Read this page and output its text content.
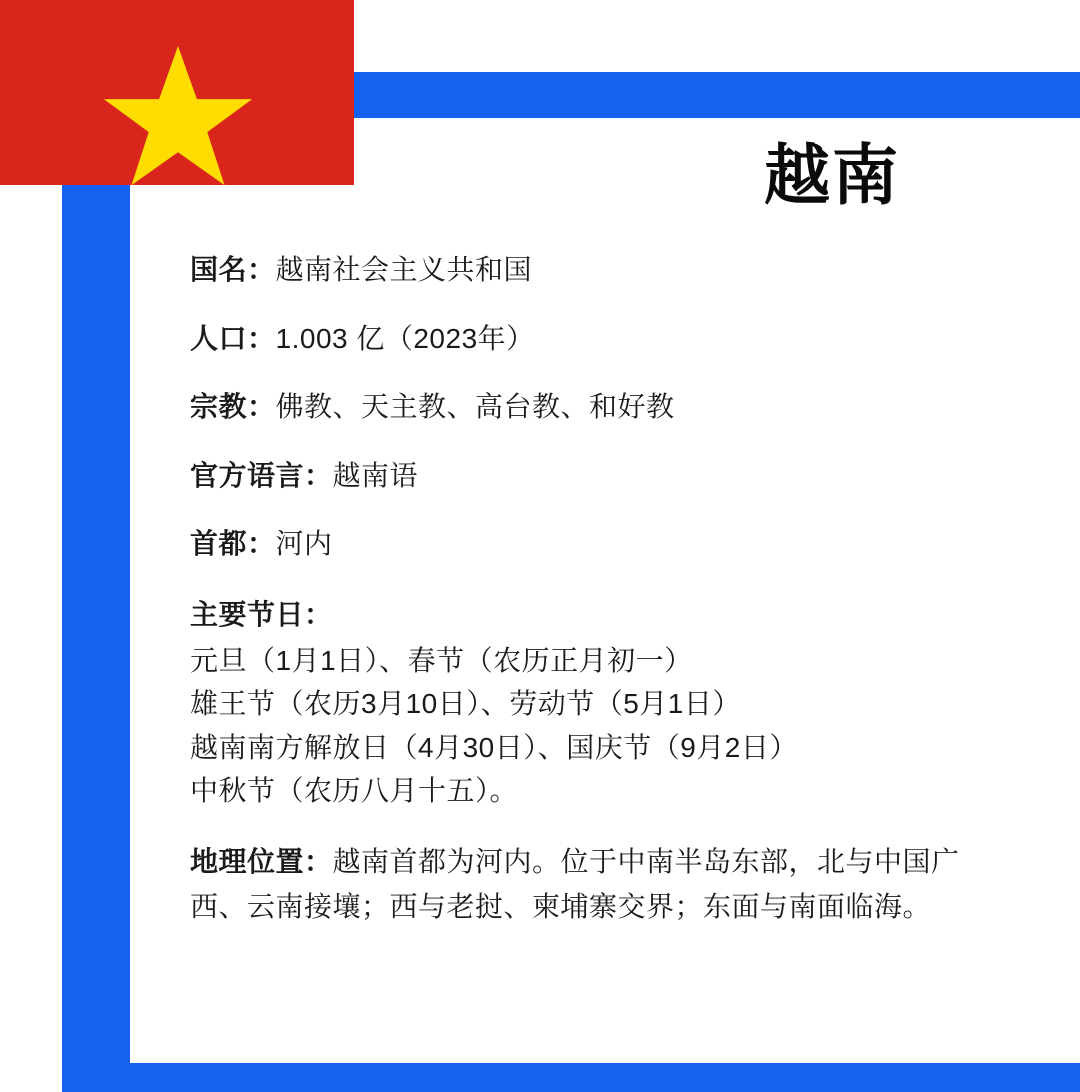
越南
国名：越南社会主义共和国
人口：1.003 亿（2023年）
宗教：佛教、天主教、高台教、和好教
官方语言：越南语
首都：河内
主要节日：
元旦（1月1日）、春节（农历正月初一）
雄王节（农历3月10日）、劳动节（5月1日）
越南南方解放日（4月30日）、国庆节（9月2日）
中秋节（农历八月十五）。
地理位置：越南首都为河内。位于中南半岛东部，北与中国广西、云南接壤；西与老挝、柬埔寨交界；东面与南面临海。
